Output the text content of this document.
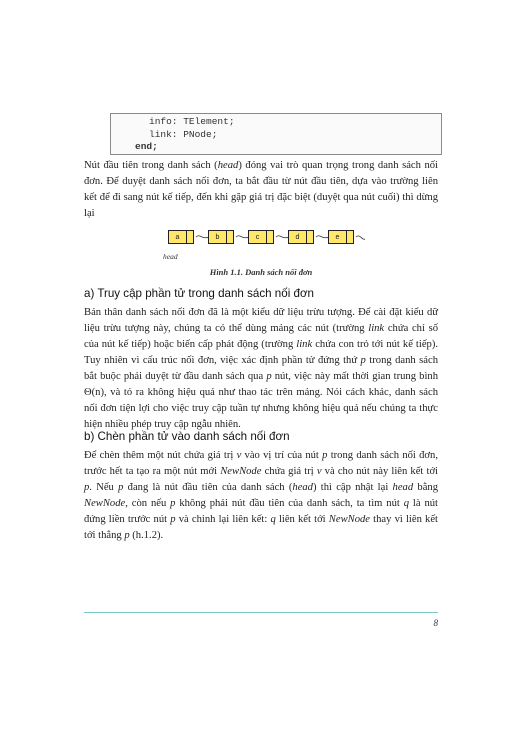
info: TElement;
link: PNode;
end;
Nút đầu tiên trong danh sách (head) đóng vai trò quan trọng trong danh sách nối đơn. Để duyệt danh sách nối đơn, ta bắt đầu từ nút đầu tiên, dựa vào trường liên kết để đi sang nút kế tiếp, đến khi gặp giá trị đặc biệt (duyệt qua nút cuối) thì dừng lại
a	b	c	d	e
head
Hình 1.1. Danh sách nối đơn
a) Truy cập phần tử trong danh sách nối đơn
Bản thân danh sách nối đơn đã là một kiểu dữ liệu trừu tượng. Để cài đặt kiểu dữ liệu trừu tượng này, chúng ta có thể dùng mảng các nút (trường link chứa chỉ số của nút kế tiếp) hoặc biến cấp phát động (trường link chứa con trỏ tới nút kế tiếp). Tuy nhiên vì cấu trúc nối đơn, việc xác định phần tử đứng thứ p trong danh sách bắt buộc phải duyệt từ đầu danh sách qua p nút, việc này mất thời gian trung bình Θ(n), và tỏ ra không hiệu quả như thao tác trên mảng. Nói cách khác, danh sách nối đơn tiện lợi cho việc truy cập tuần tự nhưng không hiệu quả nếu chúng ta thực hiện nhiều phép truy cập ngẫu nhiên.
b) Chèn phần tử vào danh sách nối đơn
Để chèn thêm một nút chứa giá trị v vào vị trí của nút p trong danh sách nối đơn, trước hết ta tạo ra một nút mới NewNode chứa giá trị v và cho nút này liên kết tới p. Nếu p đang là nút đầu tiên của danh sách (head) thì cập nhật lại head bằng NewNode, còn nếu p không phải nút đầu tiên của danh sách, ta tìm nút q là nút đứng liền trước nút p và chỉnh lại liên kết: q liên kết tới NewNode thay vì liên kết tới thẳng p (h.1.2).
8
